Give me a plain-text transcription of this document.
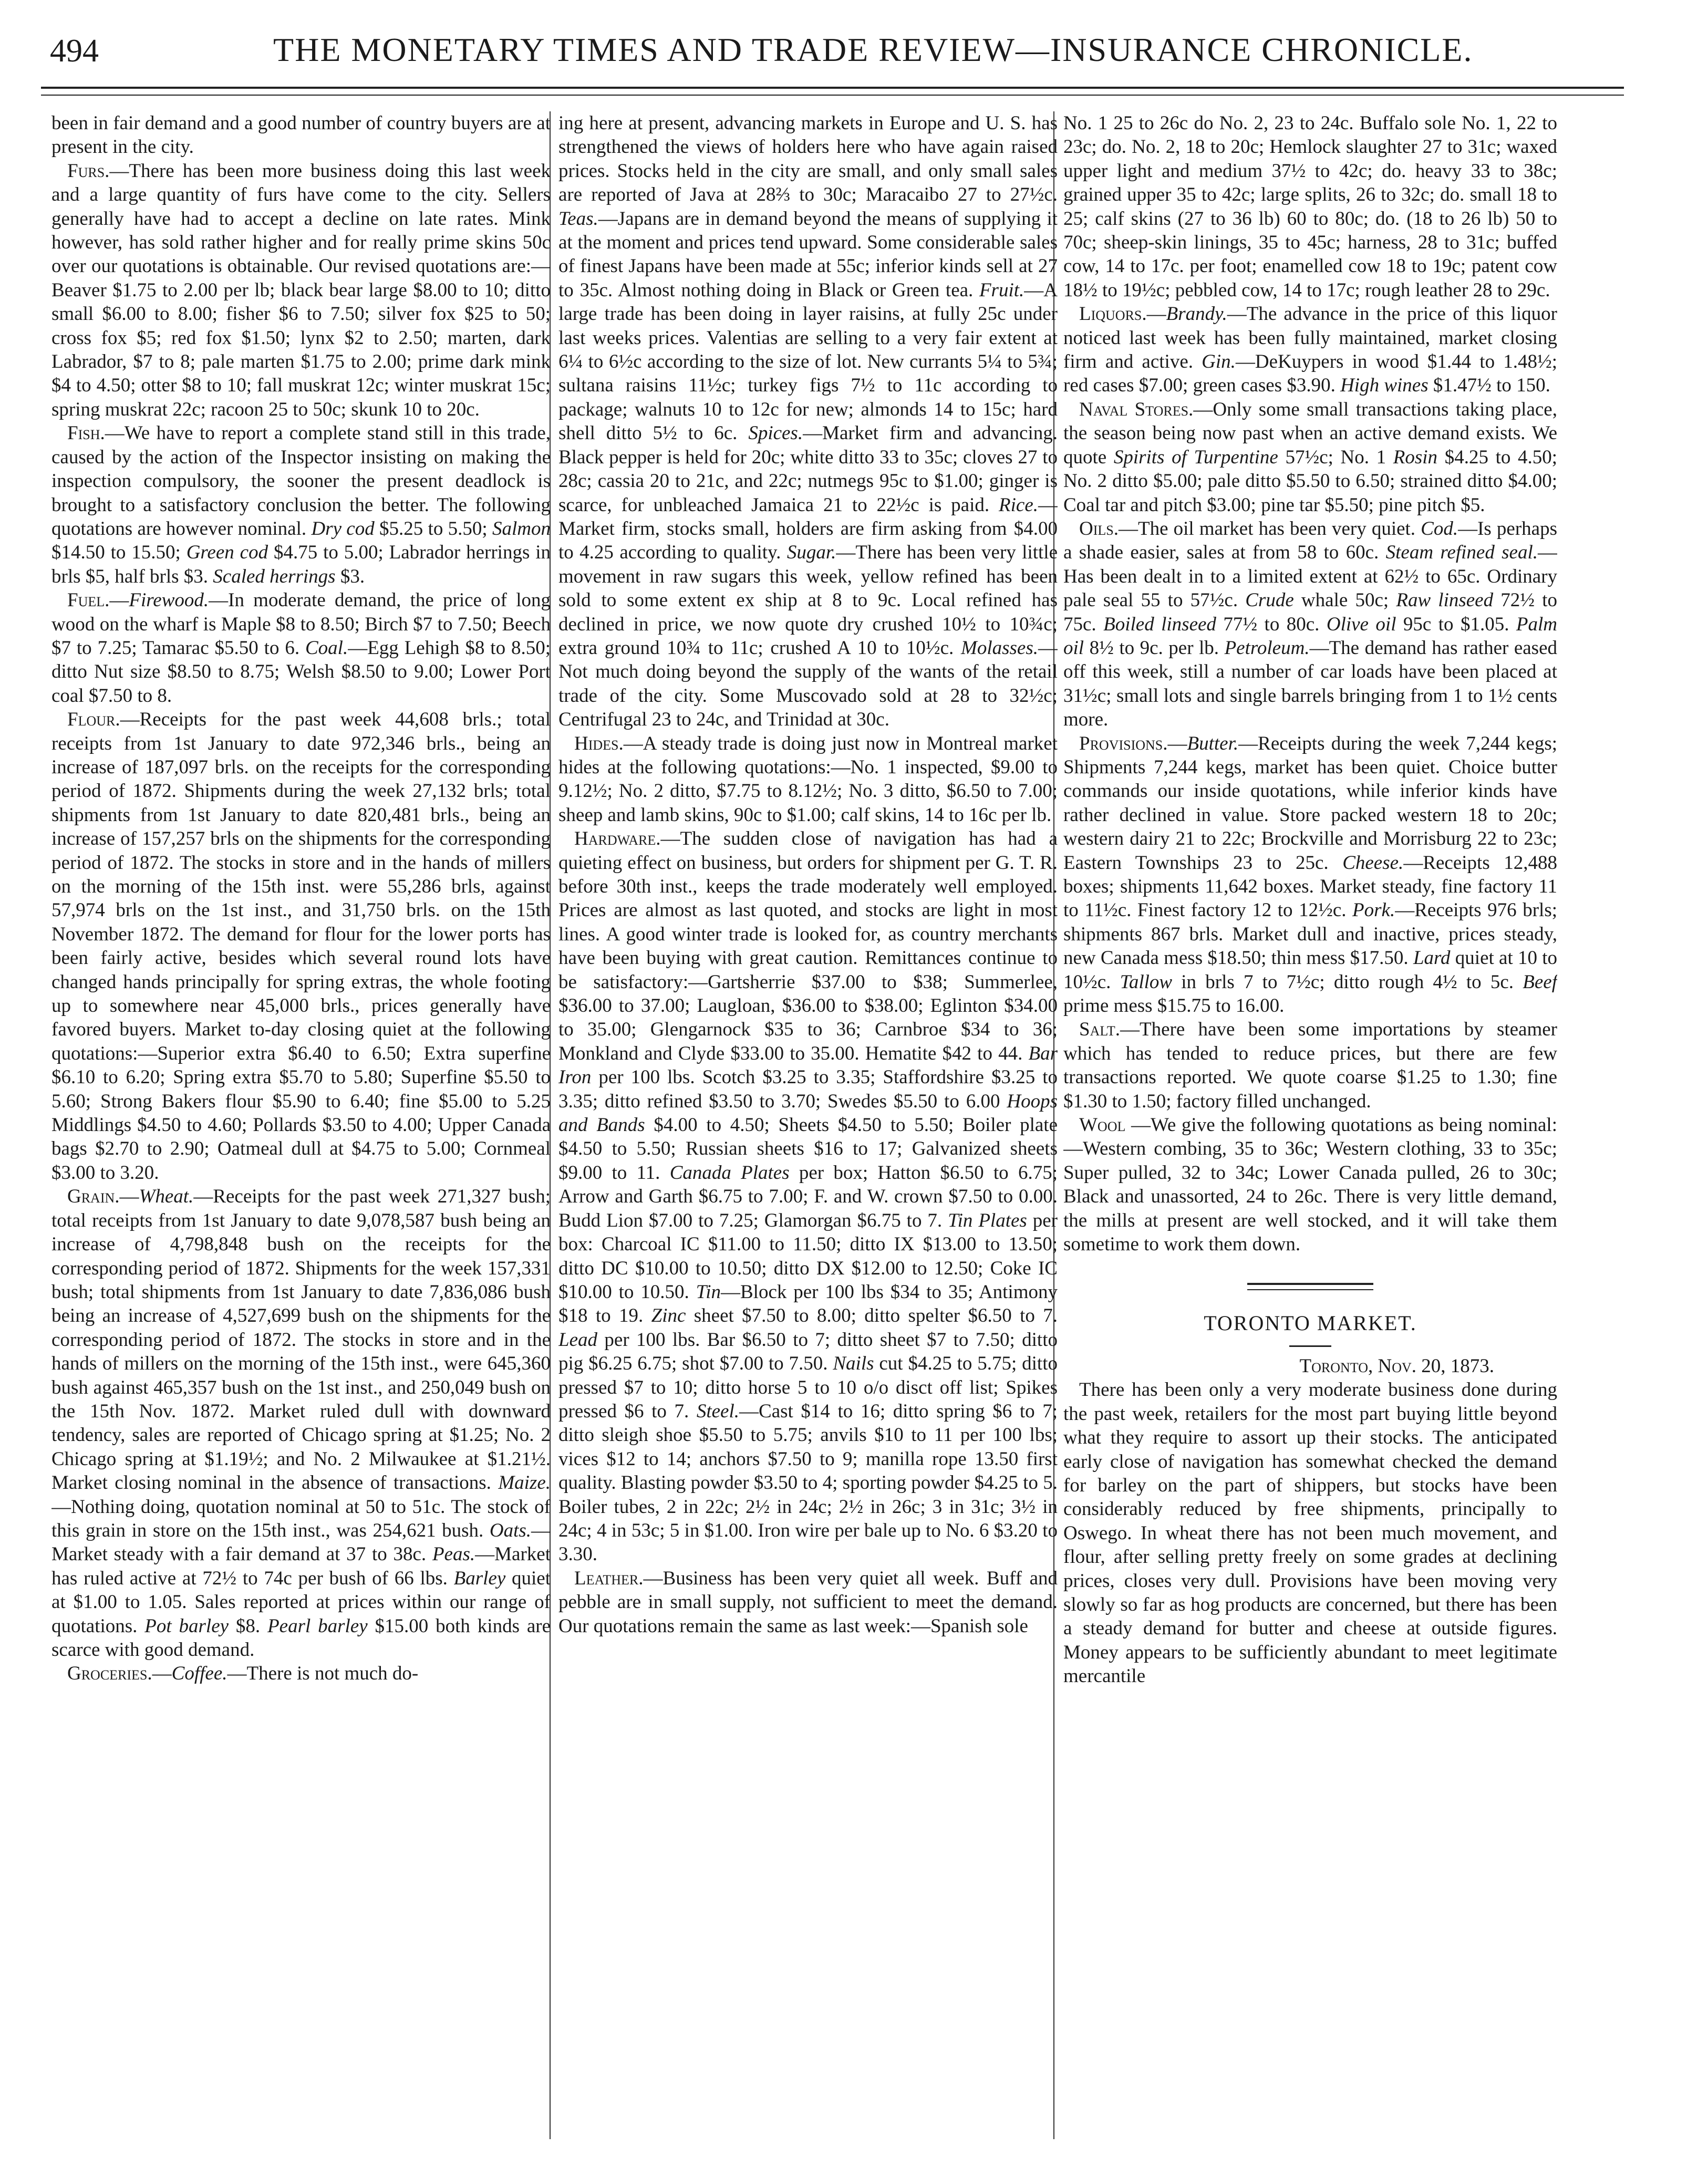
494	THE MONETARY TIMES AND TRADE REVIEW—INSURANCE CHRONICLE.

been in fair demand and a good number of country buyers are at present in the city.

Furs.—There has been more business doing this last week and a large quantity of furs have come to the city. Sellers generally have had to accept a decline on late rates. Mink however, has sold rather higher and for really prime skins 50c over our quotations is obtainable. Our revised quotations are:— Beaver $1.75 to 2.00 per lb; black bear large $8.00 to 10; ditto small $6.00 to 8.00; fisher $6 to 7.50; silver fox $25 to 50; cross fox $5; red fox $1.50; lynx $2 to 2.50; marten, dark Labrador, $7 to 8; pale marten $1.75 to 2.00; prime dark mink $4 to 4.50; otter $8 to 10; fall muskrat 12c; winter muskrat 15c; spring muskrat 22c; racoon 25 to 50c; skunk 10 to 20c.

Fish.—We have to report a complete stand still in this trade, caused by the action of the Inspector insisting on making the inspection compulsory, the sooner the present deadlock is brought to a satisfactory conclusion the better. The following quotations are however nominal. Dry cod $5.25 to 5.50; Salmon $14.50 to 15.50; Green cod $4.75 to 5.00; Labrador herrings in brls $5, half brls $3. Scaled herrings $3.

Fuel.—Firewood.—In moderate demand, the price of long wood on the wharf is Maple $8 to 8.50; Birch $7 to 7.50; Beech $7 to 7.25; Tamarac $5.50 to 6. Coal.—Egg Lehigh $8 to 8.50; ditto Nut size $8.50 to 8.75; Welsh $8.50 to 9.00; Lower Port coal $7.50 to 8.

Flour.—Receipts for the past week 44,608 brls.; total receipts from 1st January to date 972,346 brls., being an increase of 187,097 brls. on the receipts for the corresponding period of 1872. Shipments during the week 27,132 brls; total shipments from 1st January to date 820,481 brls., being an increase of 157,257 brls on the shipments for the corresponding period of 1872. The stocks in store and in the hands of millers on the morning of the 15th inst. were 55,286 brls, against 57,974 brls on the 1st inst., and 31,750 brls. on the 15th November 1872. The demand for flour for the lower ports has been fairly active, besides which several round lots have changed hands principally for spring extras, the whole footing up to somewhere near 45,000 brls., prices generally have favored buyers. Market to-day closing quiet at the following quotations:—Superior extra $6.40 to 6.50; Extra superfine $6.10 to 6.20; Spring extra $5.70 to 5.80; Superfine $5.50 to 5.60; Strong Bakers flour $5.90 to 6.40; fine $5.00 to 5.25 Middlings $4.50 to 4.60; Pollards $3.50 to 4.00; Upper Canada bags $2.70 to 2.90; Oatmeal dull at $4.75 to 5.00; Cornmeal $3.00 to 3.20.

Grain.—Wheat.—Receipts for the past week 271,327 bush; total receipts from 1st January to date 9,078,587 bush being an increase of 4,798,848 bush on the receipts for the corresponding period of 1872. Shipments for the week 157,331 bush; total shipments from 1st January to date 7,836,086 bush being an increase of 4,527,699 bush on the shipments for the corresponding period of 1872. The stocks in store and in the hands of millers on the morning of the 15th inst., were 645,360 bush against 465,357 bush on the 1st inst., and 250,049 bush on the 15th Nov. 1872. Market ruled dull with downward tendency, sales are reported of Chicago spring at $1.25; No. 2 Chicago spring at $1.19½; and No. 2 Milwaukee at $1.21½. Market closing nominal in the absence of transactions. Maize.—Nothing doing, quotation nominal at 50 to 51c. The stock of this grain in store on the 15th inst., was 254,621 bush. Oats.—Market steady with a fair demand at 37 to 38c. Peas.—Market has ruled active at 72½ to 74c per bush of 66 lbs. Barley quiet at $1.00 to 1.05. Sales reported at prices within our range of quotations. Pot barley $8. Pearl barley $15.00 both kinds are scarce with good demand.

Groceries.—Coffee.—There is not much do-

ing here at present, advancing markets in Europe and U. S. has strengthened the views of holders here who have again raised prices. Stocks held in the city are small, and only small sales are reported of Java at 28⅔ to 30c; Maracaibo 27 to 27½c. Teas.—Japans are in demand beyond the means of supplying it at the moment and prices tend upward. Some considerable sales of finest Japans have been made at 55c; inferior kinds sell at 27 to 35c. Almost nothing doing in Black or Green tea. Fruit.—A large trade has been doing in layer raisins, at fully 25c under last weeks prices. Valentias are selling to a very fair extent at 6¼ to 6½c according to the size of lot. New currants 5¼ to 5¾; sultana raisins 11½c; turkey figs 7½ to 11c according to package; walnuts 10 to 12c for new; almonds 14 to 15c; hard shell ditto 5½ to 6c. Spices.—Market firm and advancing. Black pepper is held for 20c; white ditto 33 to 35c; cloves 27 to 28c; cassia 20 to 21c, and 22c; nutmegs 95c to $1.00; ginger is scarce, for unbleached Jamaica 21 to 22½c is paid. Rice.—Market firm, stocks small, holders are firm asking from $4.00 to 4.25 according to quality. Sugar.—There has been very little movement in raw sugars this week, yellow refined has been sold to some extent ex ship at 8 to 9c. Local refined has declined in price, we now quote dry crushed 10½ to 10¾c; extra ground 10¾ to 11c; crushed A 10 to 10½c. Molasses.—Not much doing beyond the supply of the wants of the retail trade of the city. Some Muscovado sold at 28 to 32½c; Centrifugal 23 to 24c, and Trinidad at 30c.

Hides.—A steady trade is doing just now in Montreal market hides at the following quotations:—No. 1 inspected, $9.00 to 9.12½; No. 2 ditto, $7.75 to 8.12½; No. 3 ditto, $6.50 to 7.00; sheep and lamb skins, 90c to $1.00; calf skins, 14 to 16c per lb.

Hardware.—The sudden close of navigation has had a quieting effect on business, but orders for shipment per G. T. R. before 30th inst., keeps the trade moderately well employed. Prices are almost as last quoted, and stocks are light in most lines. A good winter trade is looked for, as country merchants have been buying with great caution. Remittances continue to be satisfactory:—Gartsherrie $37.00 to $38; Summerlee, $36.00 to 37.00; Laugloan, $36.00 to $38.00; Eglinton $34.00 to 35.00; Glengarnock $35 to 36; Carnbroe $34 to 36; Monkland and Clyde $33.00 to 35.00. Hematite $42 to 44. Bar Iron per 100 lbs. Scotch $3.25 to 3.35; Staffordshire $3.25 to 3.35; ditto refined $3.50 to 3.70; Swedes $5.50 to 6.00 Hoops and Bands $4.00 to 4.50; Sheets $4.50 to 5.50; Boiler plate $4.50 to 5.50; Russian sheets $16 to 17; Galvanized sheets $9.00 to 11. Canada Plates per box; Hatton $6.50 to 6.75; Arrow and Garth $6.75 to 7.00; F. and W. crown $7.50 to 0.00. Budd Lion $7.00 to 7.25; Glamorgan $6.75 to 7. Tin Plates per box: Charcoal IC $11.00 to 11.50; ditto IX $13.00 to 13.50; ditto DC $10.00 to 10.50; ditto DX $12.00 to 12.50; Coke IC $10.00 to 10.50. Tin—Block per 100 lbs $34 to 35; Antimony $18 to 19. Zinc sheet $7.50 to 8.00; ditto spelter $6.50 to 7. Lead per 100 lbs. Bar $6.50 to 7; ditto sheet $7 to 7.50; ditto pig $6.25 6.75; shot $7.00 to 7.50. Nails cut $4.25 to 5.75; ditto pressed $7 to 10; ditto horse 5 to 10 o/o disct off list; Spikes pressed $6 to 7. Steel.—Cast $14 to 16; ditto spring $6 to 7; ditto sleigh shoe $5.50 to 5.75; anvils $10 to 11 per 100 lbs; vices $12 to 14; anchors $7.50 to 9; manilla rope 13.50 first quality. Blasting powder $3.50 to 4; sporting powder $4.25 to 5. Boiler tubes, 2 in 22c; 2½ in 24c; 2½ in 26c; 3 in 31c; 3½ in 24c; 4 in 53c; 5 in $1.00. Iron wire per bale up to No. 6 $3.20 to 3.30.

Leather.—Business has been very quiet all week. Buff and pebble are in small supply, not sufficient to meet the demand. Our quotations remain the same as last week:—Spanish sole

No. 1 25 to 26c do No. 2, 23 to 24c. Buffalo sole No. 1, 22 to 23c; do. No. 2, 18 to 20c; Hemlock slaughter 27 to 31c; waxed upper light and medium 37½ to 42c; do. heavy 33 to 38c; grained upper 35 to 42c; large splits, 26 to 32c; do. small 18 to 25; calf skins (27 to 36 lb) 60 to 80c; do. (18 to 26 lb) 50 to 70c; sheep-skin linings, 35 to 45c; harness, 28 to 31c; buffed cow, 14 to 17c. per foot; enamelled cow 18 to 19c; patent cow 18½ to 19½c; pebbled cow, 14 to 17c; rough leather 28 to 29c.

Liquors.—Brandy.—The advance in the price of this liquor noticed last week has been fully maintained, market closing firm and active. Gin.—DeKuypers in wood $1.44 to 1.48½; red cases $7.00; green cases $3.90. High wines $1.47½ to 150.

Naval Stores.—Only some small transactions taking place, the season being now past when an active demand exists. We quote Spirits of Turpentine 57½c; No. 1 Rosin $4.25 to 4.50; No. 2 ditto $5.00; pale ditto $5.50 to 6.50; strained ditto $4.00; Coal tar and pitch $3.00; pine tar $5.50; pine pitch $5.

Oils.—The oil market has been very quiet. Cod.—Is perhaps a shade easier, sales at from 58 to 60c. Steam refined seal.—Has been dealt in to a limited extent at 62½ to 65c. Ordinary pale seal 55 to 57½c. Crude whale 50c; Raw linseed 72½ to 75c. Boiled linseed 77½ to 80c. Olive oil 95c to $1.05. Palm oil 8½ to 9c. per lb. Petroleum.—The demand has rather eased off this week, still a number of car loads have been placed at 31½c; small lots and single barrels bringing from 1 to 1½ cents more.

Provisions.—Butter.—Receipts during the week 7,244 kegs; Shipments 7,244 kegs, market has been quiet. Choice butter commands our inside quotations, while inferior kinds have rather declined in value. Store packed western 18 to 20c; western dairy 21 to 22c; Brockville and Morrisburg 22 to 23c; Eastern Townships 23 to 25c. Cheese.—Receipts 12,488 boxes; shipments 11,642 boxes. Market steady, fine factory 11 to 11½c. Finest factory 12 to 12½c. Pork.—Receipts 976 brls; shipments 867 brls. Market dull and inactive, prices steady, new Canada mess $18.50; thin mess $17.50. Lard quiet at 10 to 10½c. Tallow in brls 7 to 7½c; ditto rough 4½ to 5c. Beef prime mess $15.75 to 16.00.

Salt.—There have been some importations by steamer which has tended to reduce prices, but there are few transactions reported. We quote coarse $1.25 to 1.30; fine $1.30 to 1.50; factory filled unchanged.

Wool —We give the following quotations as being nominal:—Western combing, 35 to 36c; Western clothing, 33 to 35c; Super pulled, 32 to 34c; Lower Canada pulled, 26 to 30c; Black and unassorted, 24 to 26c. There is very little demand, the mills at present are well stocked, and it will take them sometime to work them down.

TORONTO MARKET.

Toronto, Nov. 20, 1873.

There has been only a very moderate business done during the past week, retailers for the most part buying little beyond what they require to assort up their stocks. The anticipated early close of navigation has somewhat checked the demand for barley on the part of shippers, but stocks have been considerably reduced by free shipments, principally to Oswego. In wheat there has not been much movement, and flour, after selling pretty freely on some grades at declining prices, closes very dull. Provisions have been moving very slowly so far as hog products are concerned, but there has been a steady demand for butter and cheese at outside figures. Money appears to be sufficiently abundant to meet legitimate mercantile
